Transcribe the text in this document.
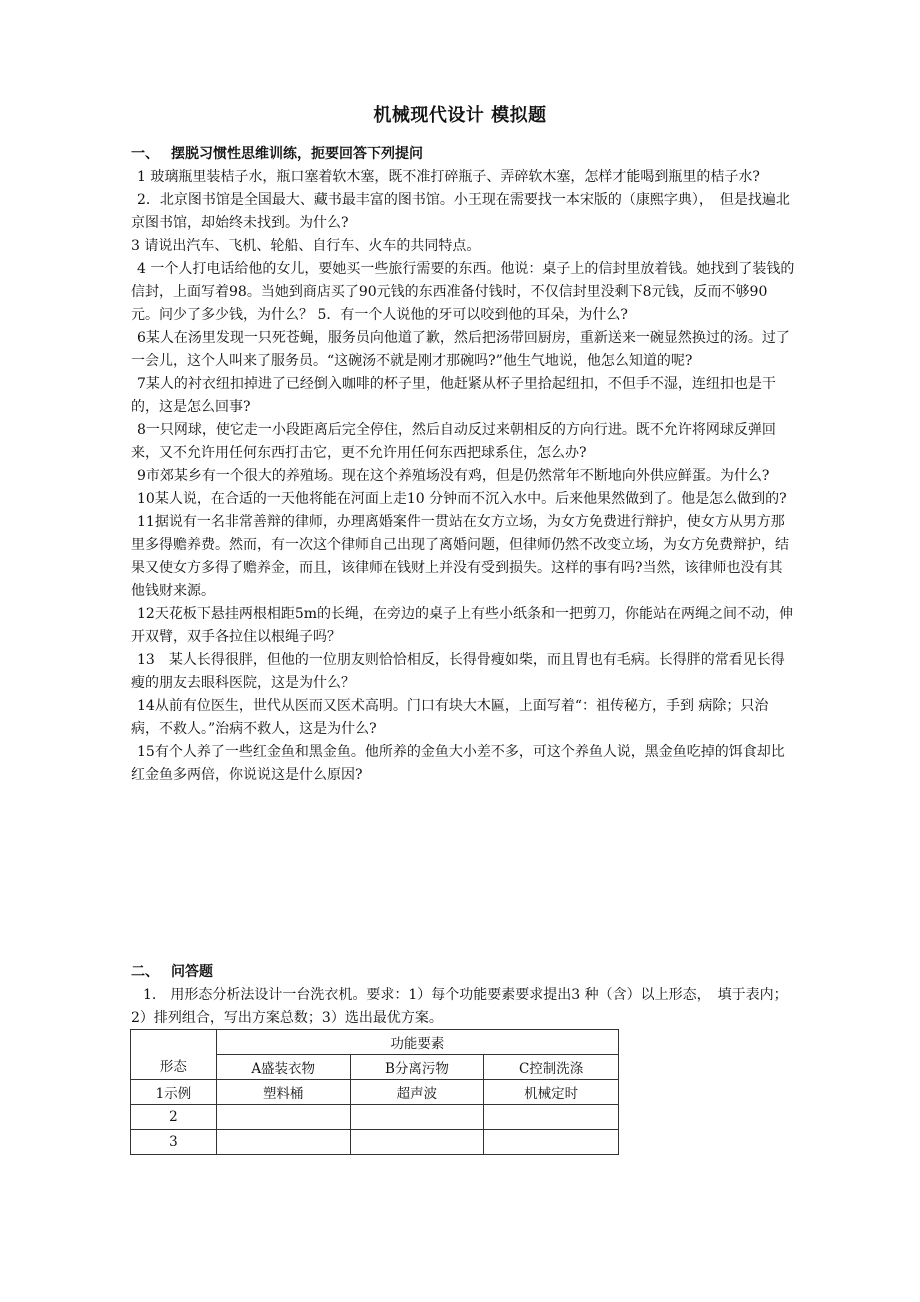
机械现代设计 模拟题
一、 摆脱习惯性思维训练，扼要回答下列提问

1 玻璃瓶里装桔子水，瓶口塞着软木塞，既不准打碎瓶子、弄碎软木塞，怎样才能喝到瓶里的桔子水?

2．北京图书馆是全国最大、藏书最丰富的图书馆。小王现在需要找一本宋版的（康熙字典），　但是找遍北京图书馆，却始终未找到。为什么?

3 请说出汽车、飞机、轮船、自行车、火车的共同特点。

4 一个人打电话给他的女儿，要她买一些旅行需要的东西。他说：桌子上的信封里放着钱。她找到了装钱的信封，上面写着98。当她到商店买了90元钱的东西准备付钱时，不仅信封里没剩下8元钱，反而不够90 元。问少了多少钱，为什么？ 5．有一个人说他的牙可以咬到他的耳朵，为什么?

6某人在汤里发现一只死苍蝇，服务员向他道了歉，然后把汤带回厨房，重新送来一碗显然换过的汤。过了一会儿，这个人叫来了服务员。“这碗汤不就是刚才那碗吗?”他生气地说，他怎么知道的呢?

7某人的衬衣纽扣掉进了已经倒入咖啡的杯子里，他赶紧从杯子里拾起纽扣，不但手不湿，连纽扣也是干的，这是怎么回事?

8一只网球，使它走一小段距离后完全停住，然后自动反过来朝相反的方向行进。既不允许将网球反弹回来，又不允许用任何东西打击它，更不允许用任何东西把球系住，怎么办?

9市郊某乡有一个很大的养殖场。现在这个养殖场没有鸡，但是仍然常年不断地向外供应鲜蛋。为什么?

10某人说，在合适的一天他将能在河面上走10 分钟而不沉入水中。后来他果然做到了。他是怎么做到的?

11据说有一名非常善辩的律师，办理离婚案件一贯站在女方立场，为女方免费进行辩护，使女方从男方那里多得赡养费。然而，有一次这个律师自己出现了离婚问题，但律师仍然不改变立场，为女方免费辩护，结果又使女方多得了赡养金，而且，该律师在钱财上并没有受到损失。这样的事有吗?当然，该律师也没有其他钱财来源。

12天花板下悬挂两根相距5m的长绳，在旁边的桌子上有些小纸条和一把剪刀，你能站在两绳之间不动，伸开双臂，双手各拉住以根绳子吗？

13　某人长得很胖，但他的一位朋友则恰恰相反，长得骨瘦如柴，而且胃也有毛病。长得胖的常看见长得瘦的朋友去眼科医院，这是为什么？

14从前有位医生，世代从医而又医术高明。门口有块大木匾，上面写着“：祖传秘方，手到 病除；只治病，不救人。”治病不救人，这是为什么?

15有个人养了一些红金鱼和黑金鱼。他所养的金鱼大小差不多，可这个养鱼人说，黑金鱼吃掉的饵食却比红金鱼多两倍，你说说这是什么原因?

二、 问答题

1.　用形态分析法设计一台洗衣机。要求：1）每个功能要素要求提出3 种（含）以上形态，　填于表内；2）排列组合，写出方案总数；3）选出最优方案。

形态	功能要素		
	A盛装衣物	B分离污物	C控制洗涤
1示例	塑料桶	超声波	机械定时
2			
3			
